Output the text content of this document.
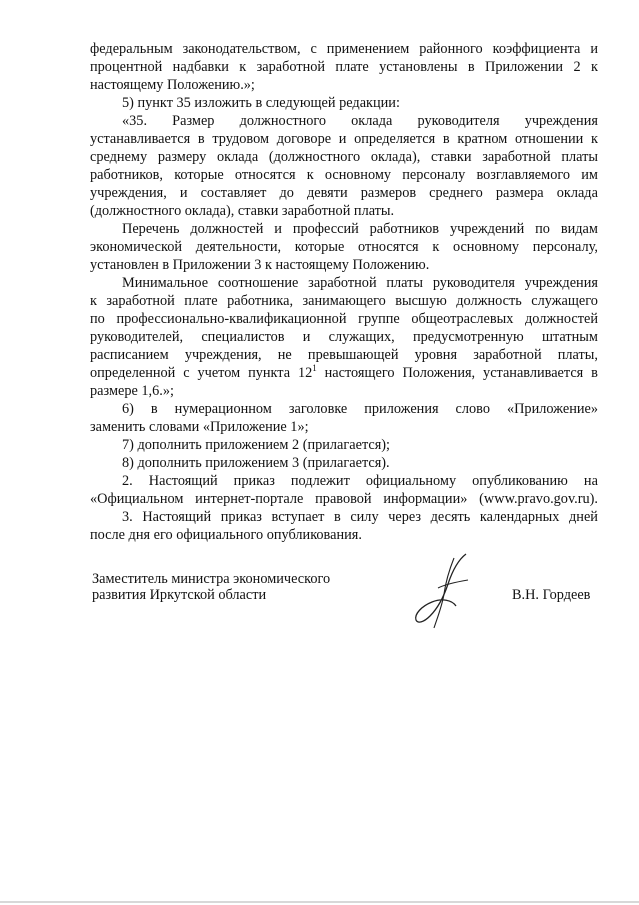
федеральным законодательством, с применением районного коэффициента и
процентной надбавки к заработной плате установлены в Приложении 2 к
настоящему Положению.»;
5) пункт 35 изложить в следующей редакции:
«35. Размер должностного оклада руководителя учреждения
устанавливается в трудовом договоре и определяется в кратном отношении к
среднему размеру оклада (должностного оклада), ставки заработной платы
работников, которые относятся к основному персоналу возглавляемого им
учреждения, и составляет до девяти размеров среднего размера оклада
(должностного оклада), ставки заработной платы.
Перечень должностей и профессий работников учреждений по видам
экономической деятельности, которые относятся к основному персоналу,
установлен в Приложении 3 к настоящему Положению.
Минимальное соотношение заработной платы руководителя учреждения
к заработной плате работника, занимающего высшую должность служащего
по профессионально-квалификационной группе общеотраслевых должностей
руководителей, специалистов и служащих, предусмотренную штатным
расписанием учреждения, не превышающей уровня заработной платы,
определенной с учетом пункта $12^1$ настоящего Положения, устанавливается в
размере 1,6.»;
6) в нумерационном заголовке приложения слово «Приложение»
заменить словами «Приложение 1»;
7) дополнить приложением 2 (прилагается);
8) дополнить приложением 3 (прилагается).
2. Настоящий приказ подлежит официальному опубликованию на
«Официальном интернет-портале правовой информации» (www.pravo.gov.ru).
3. Настоящий приказ вступает в силу через десять календарных дней
после дня его официального опубликования.
Заместитель министра экономического
развития Иркутской области	В.Н. Гордеев
